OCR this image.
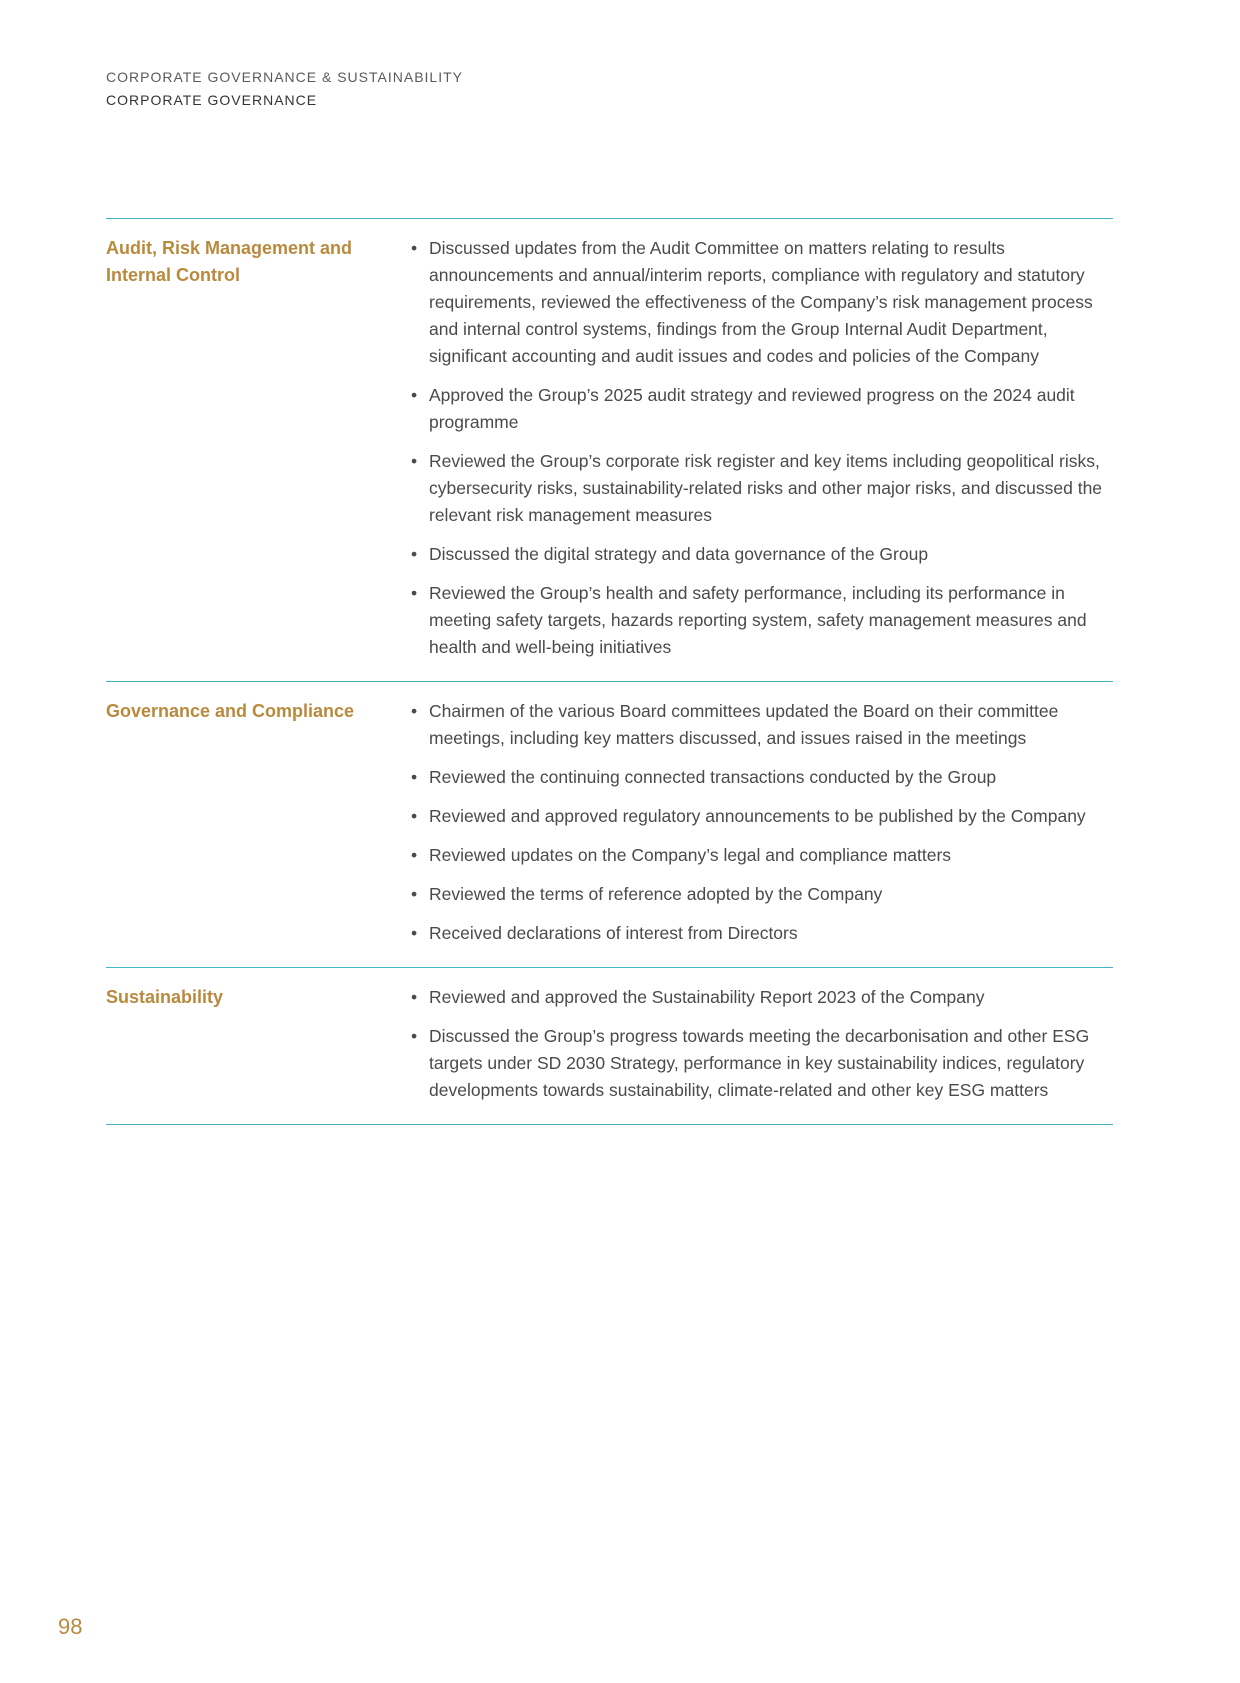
CORPORATE GOVERNANCE & SUSTAINABILITY
CORPORATE GOVERNANCE
Audit, Risk Management and Internal Control
• Discussed updates from the Audit Committee on matters relating to results announcements and annual/interim reports, compliance with regulatory and statutory requirements, reviewed the effectiveness of the Company’s risk management process and internal control systems, findings from the Group Internal Audit Department, significant accounting and audit issues and codes and policies of the Company
• Approved the Group’s 2025 audit strategy and reviewed progress on the 2024 audit programme
• Reviewed the Group’s corporate risk register and key items including geopolitical risks, cybersecurity risks, sustainability-related risks and other major risks, and discussed the relevant risk management measures
• Discussed the digital strategy and data governance of the Group
• Reviewed the Group’s health and safety performance, including its performance in meeting safety targets, hazards reporting system, safety management measures and health and well-being initiatives
Governance and Compliance	• Chairmen of the various Board committees updated the Board on their committee meetings, including key matters discussed, and issues raised in the meetings
• Reviewed the continuing connected transactions conducted by the Group
• Reviewed and approved regulatory announcements to be published by the Company
• Reviewed updates on the Company’s legal and compliance matters
• Reviewed the terms of reference adopted by the Company
• Received declarations of interest from Directors
Sustainability	• Reviewed and approved the Sustainability Report 2023 of the Company
• Discussed the Group’s progress towards meeting the decarbonisation and other ESG targets under SD 2030 Strategy, performance in key sustainability indices, regulatory developments towards sustainability, climate-related and other key ESG matters
98
